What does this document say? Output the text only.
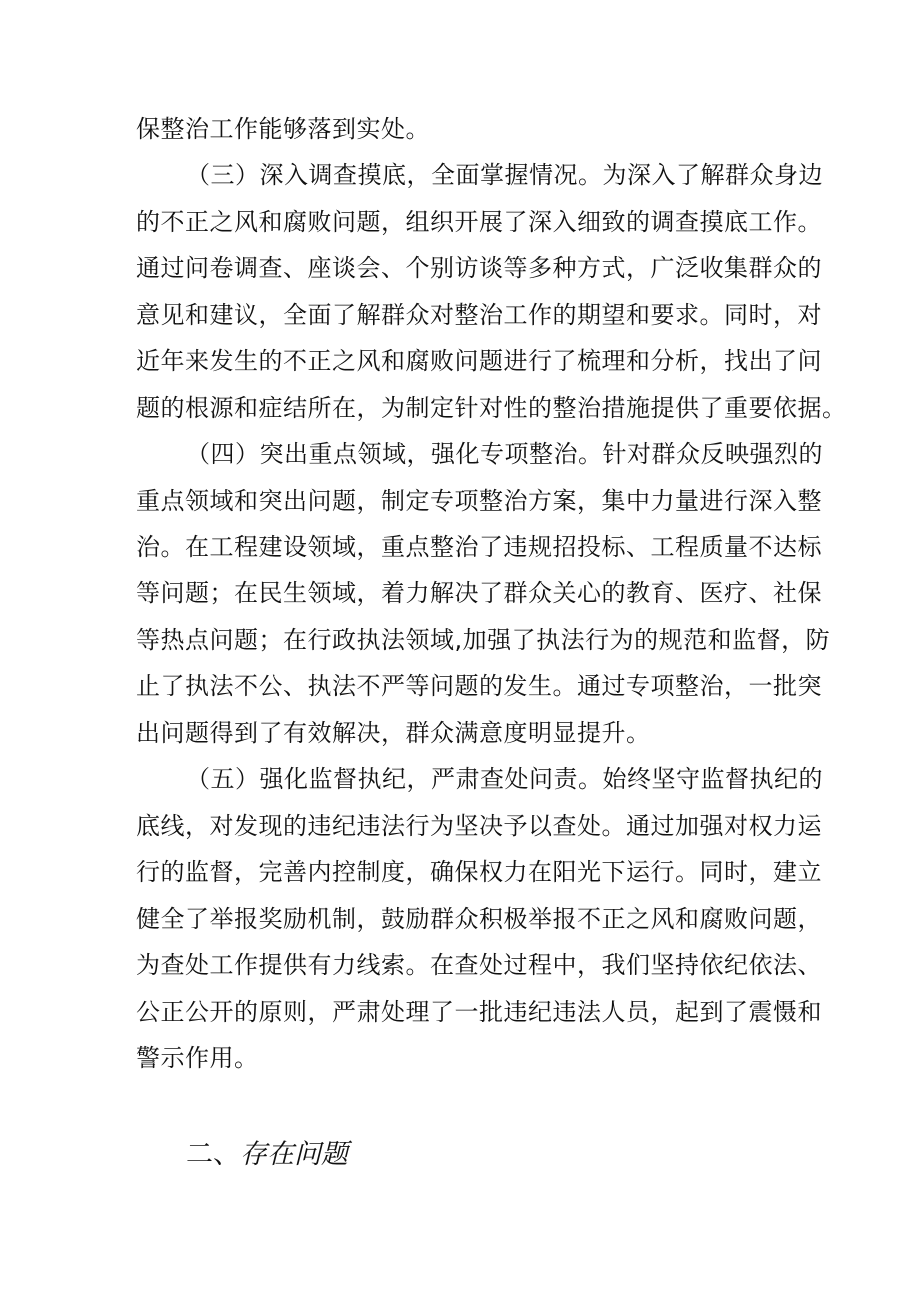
保整治工作能够落到实处。
（三）深入调查摸底，全面掌握情况。为深入了解群众身边
的不正之风和腐败问题，组织开展了深入细致的调查摸底工作。
通过问卷调查、座谈会、个别访谈等多种方式，广泛收集群众的
意见和建议，全面了解群众对整治工作的期望和要求。同时，对
近年来发生的不正之风和腐败问题进行了梳理和分析，找出了问
题的根源和症结所在，为制定针对性的整治措施提供了重要依据。
（四）突出重点领域，强化专项整治。针对群众反映强烈的
重点领域和突出问题，制定专项整治方案，集中力量进行深入整
治。在工程建设领域，重点整治了违规招投标、工程质量不达标
等问题；在民生领域，着力解决了群众关心的教育、医疗、社保
等热点问题；在行政执法领域,加强了执法行为的规范和监督，防
止了执法不公、执法不严等问题的发生。通过专项整治，一批突
出问题得到了有效解决，群众满意度明显提升。
（五）强化监督执纪，严肃查处问责。始终坚守监督执纪的
底线，对发现的违纪违法行为坚决予以查处。通过加强对权力运
行的监督，完善内控制度，确保权力在阳光下运行。同时，建立
健全了举报奖励机制，鼓励群众积极举报不正之风和腐败问题，
为查处工作提供有力线索。在查处过程中，我们坚持依纪依法、
公正公开的原则，严肃处理了一批违纪违法人员，起到了震慑和
警示作用。
二、存在问题
